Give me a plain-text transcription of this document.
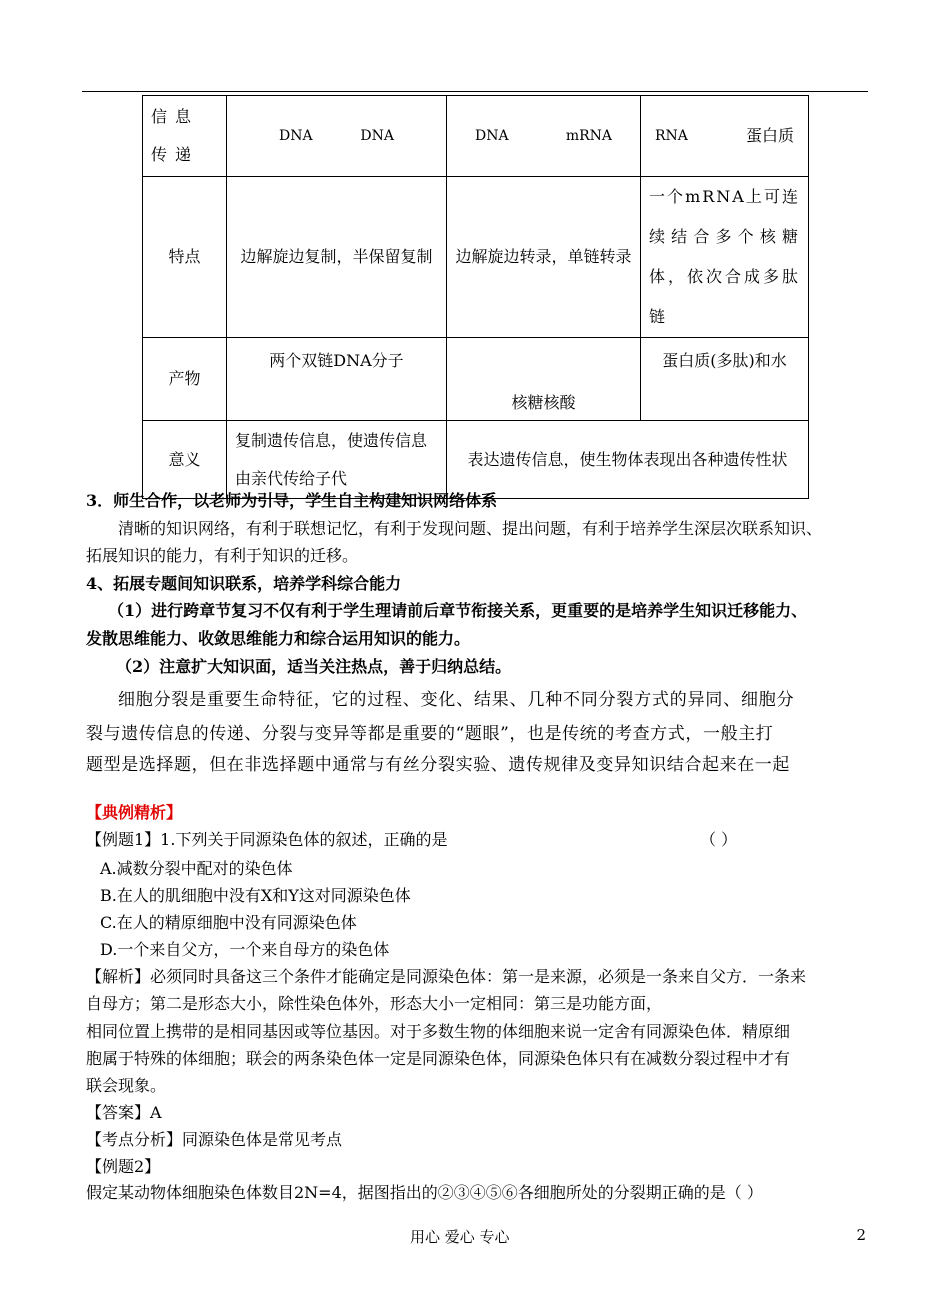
信息传递	DNA DNA	DNA mRNA	RNA 蛋白质

特点	边解旋边复制，半保留复制	边解旋边转录，单链转录	一个mRNA上可连续结合多个核糖体，依次合成多肽链
产物	两个双链DNA分子	核糖核酸	蛋白质(多肽)和水
意义	复制遗传信息，使遗传信息由亲代传给子代	表达遗传信息，使生物体表现出各种遗传性状	
3．师生合作，以老师为引导，学生自主构建知识网络体系
清晰的知识网络，有利于联想记忆，有利于发现问题、提出问题，有利于培养学生深层次联系知识、
拓展知识的能力，有利于知识的迁移。
4、拓展专题间知识联系，培养学科综合能力
（1）进行跨章节复习不仅有利于学生理请前后章节衔接关系，更重要的是培养学生知识迁移能力、
发散思维能力、收敛思维能力和综合运用知识的能力。
（2）注意扩大知识面，适当关注热点，善于归纳总结。
细胞分裂是重要生命特征，它的过程、变化、结果、几种不同分裂方式的异同、细胞分
裂与遗传信息的传递、分裂与变异等都是重要的“题眼”，也是传统的考查方式，一般主打
题型是选择题，但在非选择题中通常与有丝分裂实验、遗传规律及变异知识结合起来在一起
【典例精析】
【例题1】1.下列关于同源染色体的叙述，正确的是	（ ）
A.减数分裂中配对的染色体
B.在人的肌细胞中没有X和Y这对同源染色体
C.在人的精原细胞中没有同源染色体
D.一个来自父方，一个来自母方的染色体
【解析】必须同时具备这三个条件才能确定是同源染色体：第一是来源，必须是一条来自父方．一条来
自母方；第二是形态大小，除性染色体外，形态大小一定相同：第三是功能方面，
相同位置上携带的是相同基因或等位基因。对于多数生物的体细胞来说一定舍有同源染色体．精原细
胞属于特殊的体细胞；联会的两条染色体一定是同源染色体，同源染色体只有在减数分裂过程中才有
联会现象。
【答案】A
【考点分析】同源染色体是常见考点
【例题2】
假定某动物体细胞染色体数目2N=4，据图指出的②③④⑤⑥各细胞所处的分裂期正确的是（ ）
用心 爱心 专心	2
